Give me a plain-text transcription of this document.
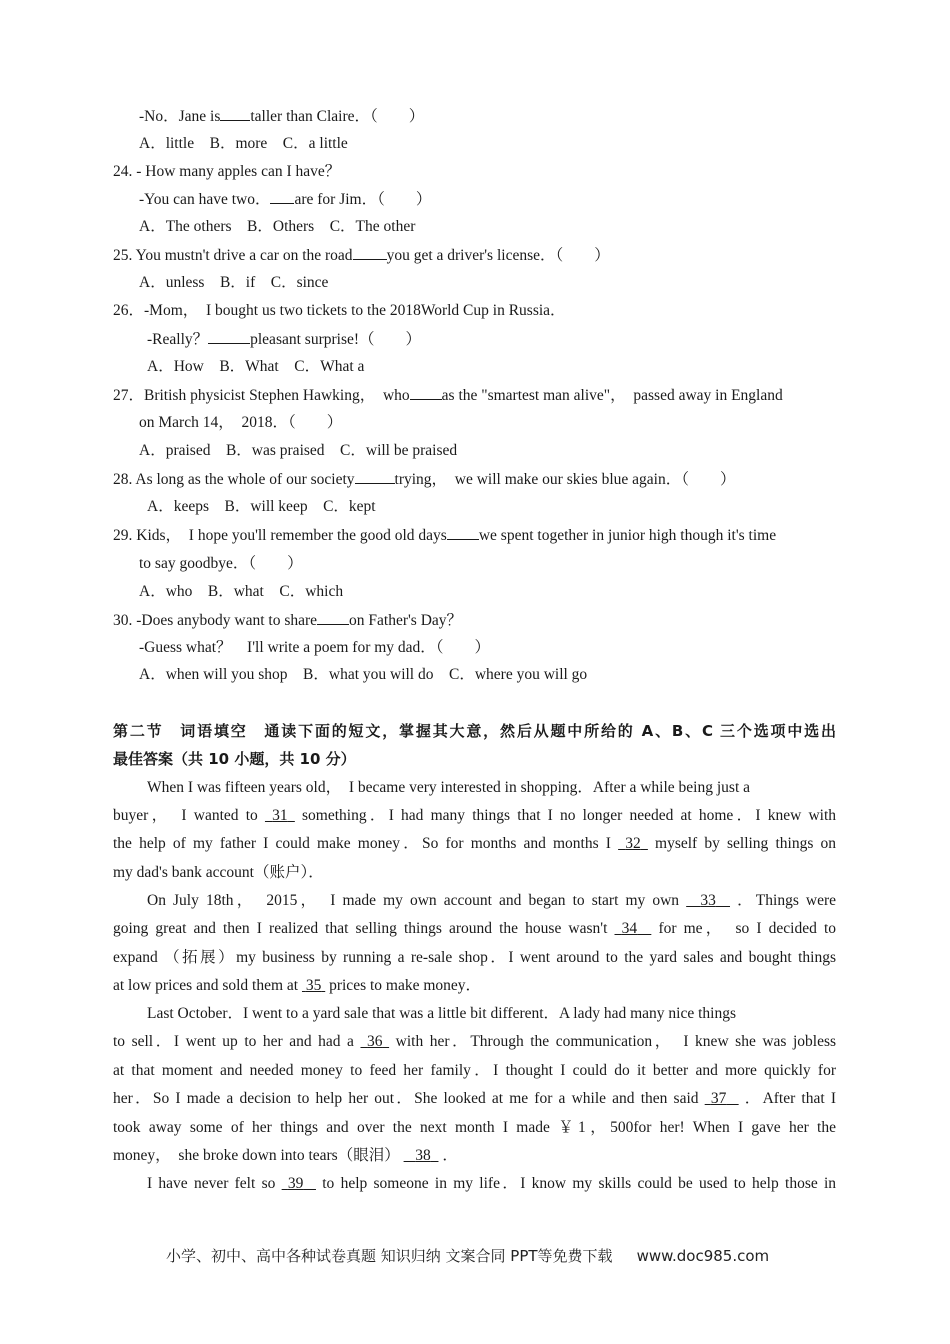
-No．Jane is taller than Claire．（　　）
A．little　B．more　C．a little
24. - How many apples can I have？
-You can have two． are for Jim．（　　）
A．The others　B．Others　C．The other
25. You mustn't drive a car on the road you get a driver's license．（　　）
A．unless　B．if　C．since
26．-Mom，　I bought us two tickets to the 2018World Cup in Russia．
-Really？	pleasant surprise!（　　）
A．How　B．What　C．What a
27．British physicist Stephen Hawking，　who as the "smartest man alive"，　passed away in England
on March 14，　2018．（　　）
A．praised　B．was praised　C．will be praised
28. As long as the whole of our society	trying，　we will make our skies blue again．（　　）
A．keeps　B．will keep　C．kept
29. Kids，　I hope you'll remember the good old days we spent together in junior high though it's time
to say goodbye．（　　）
A．who　B．what　C．which
30. -Does anybody want to share on Father's Day？
-Guess what？　I'll write a poem for my dad．（　　）
A．when will you shop　B．what you will do　C．where you will go
第二节　词语填空　通读下面的短文，掌握其大意，然后从题中所给的 A、B、C 三个选项中选出
最佳答案（共 10 小题，共 10 分）
When I was fifteen years old，　I became very interested in shopping．After a while being just a
buyer，　I wanted to 31 something．I had many things that I no longer needed at home．I knew with
the help of my father I could make money．So for months and months I 32 myself by selling things on
my dad's bank account（账户）．
On July 18th，　2015，　I made my own account and began to start my own 33 ．Things were
going great and then I realized that selling things around the house wasn't 34 for me，　so I decided to
expand （拓展）my business by running a re-sale shop．I went around to the yard sales and bought things
at low prices and sold them at 35 prices to make money．
Last October．I went to a yard sale that was a little bit different．A lady had many nice things
to sell．I went up to her and had a 36 with her．Through the communication，　I knew she was jobless
at that moment and needed money to feed her family．I thought I could do it better and more quickly for
her．So I made a decision to help her out．She looked at me for a while and then said 37 ．After that I
took away some of her things and over the next month I made ￥1，500for her! When I gave her the
money，　she broke down into tears（眼泪） 38 ．
I have never felt so 39 to help someone in my life．I know my skills could be used to help those in
小学、初中、高中各种试卷真题 知识归纳 文案合同 PPT等免费下载 www.doc985.com
